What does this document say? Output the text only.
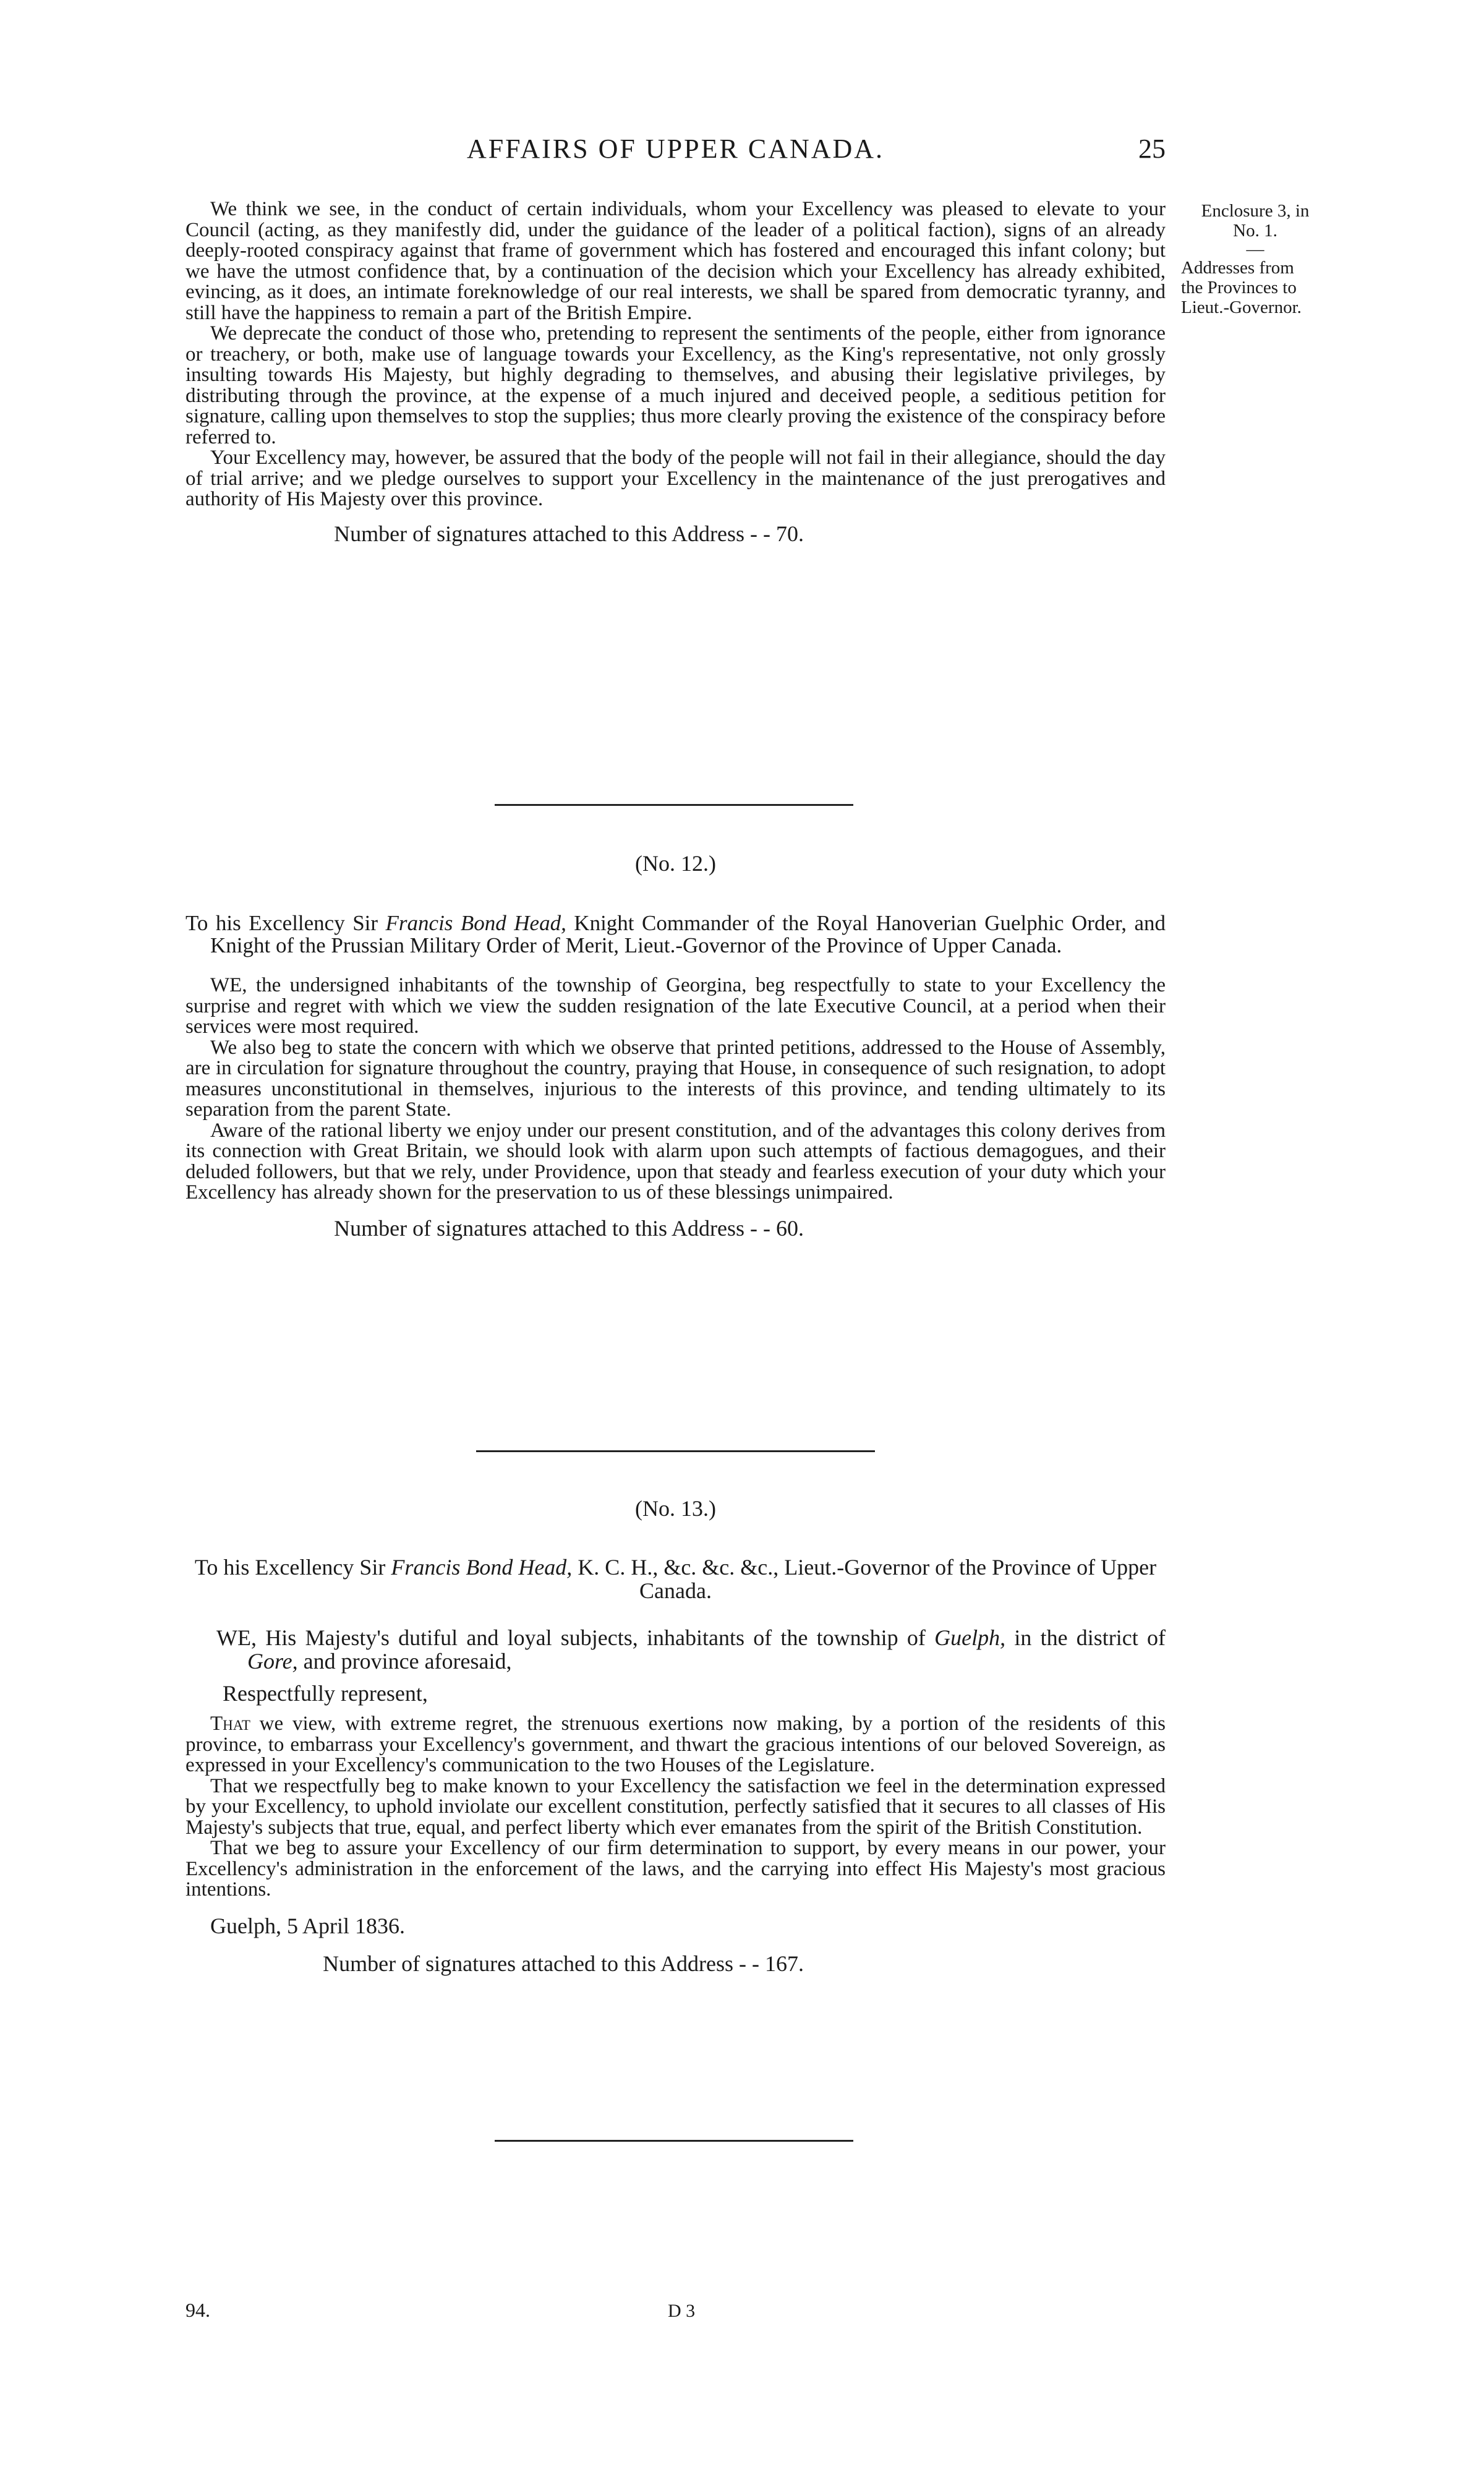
AFFAIRS OF UPPER CANADA.	25
Enclosure 3, in
No. 1.
—
Addresses from
the Provinces to
Lieut.-Governor.

We think we see, in the conduct of certain individuals, whom your Excellency was pleased to elevate to your Council (acting, as they manifestly did, under the guidance of the leader of a political faction), signs of an already deeply-rooted conspiracy against that frame of government which has fostered and encouraged this infant colony; but we have the utmost confidence that, by a continuation of the decision which your Excellency has already exhibited, evincing, as it does, an intimate foreknowledge of our real interests, we shall be spared from democratic tyranny, and still have the happiness to remain a part of the British Empire.

We deprecate the conduct of those who, pretending to represent the sentiments of the people, either from ignorance or treachery, or both, make use of language towards your Excellency, as the King's representative, not only grossly insulting towards His Majesty, but highly degrading to themselves, and abusing their legislative privileges, by distributing through the province, at the expense of a much injured and deceived people, a seditious petition for signature, calling upon themselves to stop the supplies; thus more clearly proving the existence of the conspiracy before referred to.

Your Excellency may, however, be assured that the body of the people will not fail in their allegiance, should the day of trial arrive; and we pledge ourselves to support your Excellency in the maintenance of the just prerogatives and authority of His Majesty over this province.

Number of signatures attached to this Address - - 70.
(No. 12.)
To his Excellency Sir Francis Bond Head, Knight Commander of the Royal Hanoverian Guelphic Order, and Knight of the Prussian Military Order of Merit, Lieut.-Governor of the Province of Upper Canada.

WE, the undersigned inhabitants of the township of Georgina, beg respectfully to state to your Excellency the surprise and regret with which we view the sudden resignation of the late Executive Council, at a period when their services were most required.

We also beg to state the concern with which we observe that printed petitions, addressed to the House of Assembly, are in circulation for signature throughout the country, praying that House, in consequence of such resignation, to adopt measures unconstitutional in themselves, injurious to the interests of this province, and tending ultimately to its separation from the parent State.

Aware of the rational liberty we enjoy under our present constitution, and of the advantages this colony derives from its connection with Great Britain, we should look with alarm upon such attempts of factious demagogues, and their deluded followers, but that we rely, under Providence, upon that steady and fearless execution of your duty which your Excellency has already shown for the preservation to us of these blessings unimpaired.

Number of signatures attached to this Address - - 60.
(No. 13.)
To his Excellency Sir Francis Bond Head, K. C. H., &c. &c. &c., Lieut.-Governor of the Province of Upper Canada.
WE, His Majesty's dutiful and loyal subjects, inhabitants of the township of Guelph, in the district of Gore, and province aforesaid,
Respectfully represent,

That we view, with extreme regret, the strenuous exertions now making, by a portion of the residents of this province, to embarrass your Excellency's government, and thwart the gracious intentions of our beloved Sovereign, as expressed in your Excellency's communication to the two Houses of the Legislature.

That we respectfully beg to make known to your Excellency the satisfaction we feel in the determination expressed by your Excellency, to uphold inviolate our excellent constitution, perfectly satisfied that it secures to all classes of His Majesty's subjects that true, equal, and perfect liberty which ever emanates from the spirit of the British Constitution.

That we beg to assure your Excellency of our firm determination to support, by every means in our power, your Excellency's administration in the enforcement of the laws, and the carrying into effect His Majesty's most gracious intentions.

Guelph, 5 April 1836.
Number of signatures attached to this Address - - 167.
94.	D 3
